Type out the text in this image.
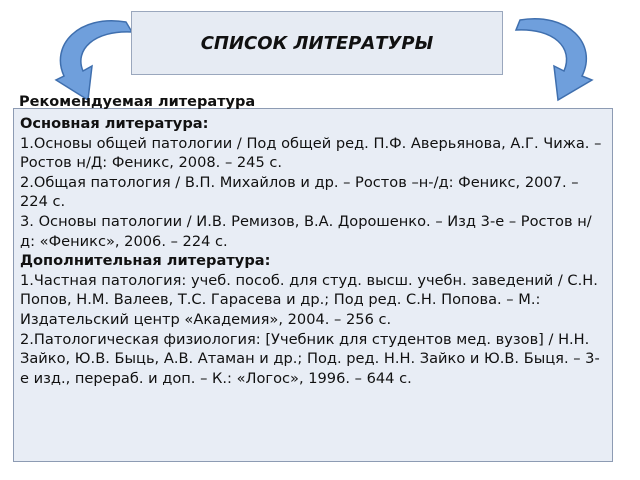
СПИСОК ЛИТЕРАТУРЫ
Рекомендуемая литература

Основная литература:

1.Основы общей патологии / Под общей ред. П.Ф. Аверьянова, А.Г. Чижа. – Ростов н/Д: Феникс, 2008. – 245 с.

2.Общая патология / В.П. Михайлов и др. – Ростов –н-/д: Феникс, 2007. – 224 с.

3. Основы патологии / И.В. Ремизов, В.А. Дорошенко. – Изд 3-е – Ростов н/д: «Феникс», 2006. – 224 с.

Дополнительная литература:

1.Частная патология: учеб. пособ. для студ. высш. учебн. заведений / С.Н. Попов, Н.М. Валеев, Т.С. Гарасева и др.; Под ред. С.Н. Попова. – М.: Издательский центр «Академия», 2004. – 256 с.

2.Патологическая физиология: [Учебник для студентов мед. вузов] / Н.Н. Зайко, Ю.В. Быць, А.В. Атаман и др.; Под. ред. Н.Н. Зайко и Ю.В. Быця. – 3-е изд., перераб. и доп. – К.: «Логос», 1996. – 644 с.
